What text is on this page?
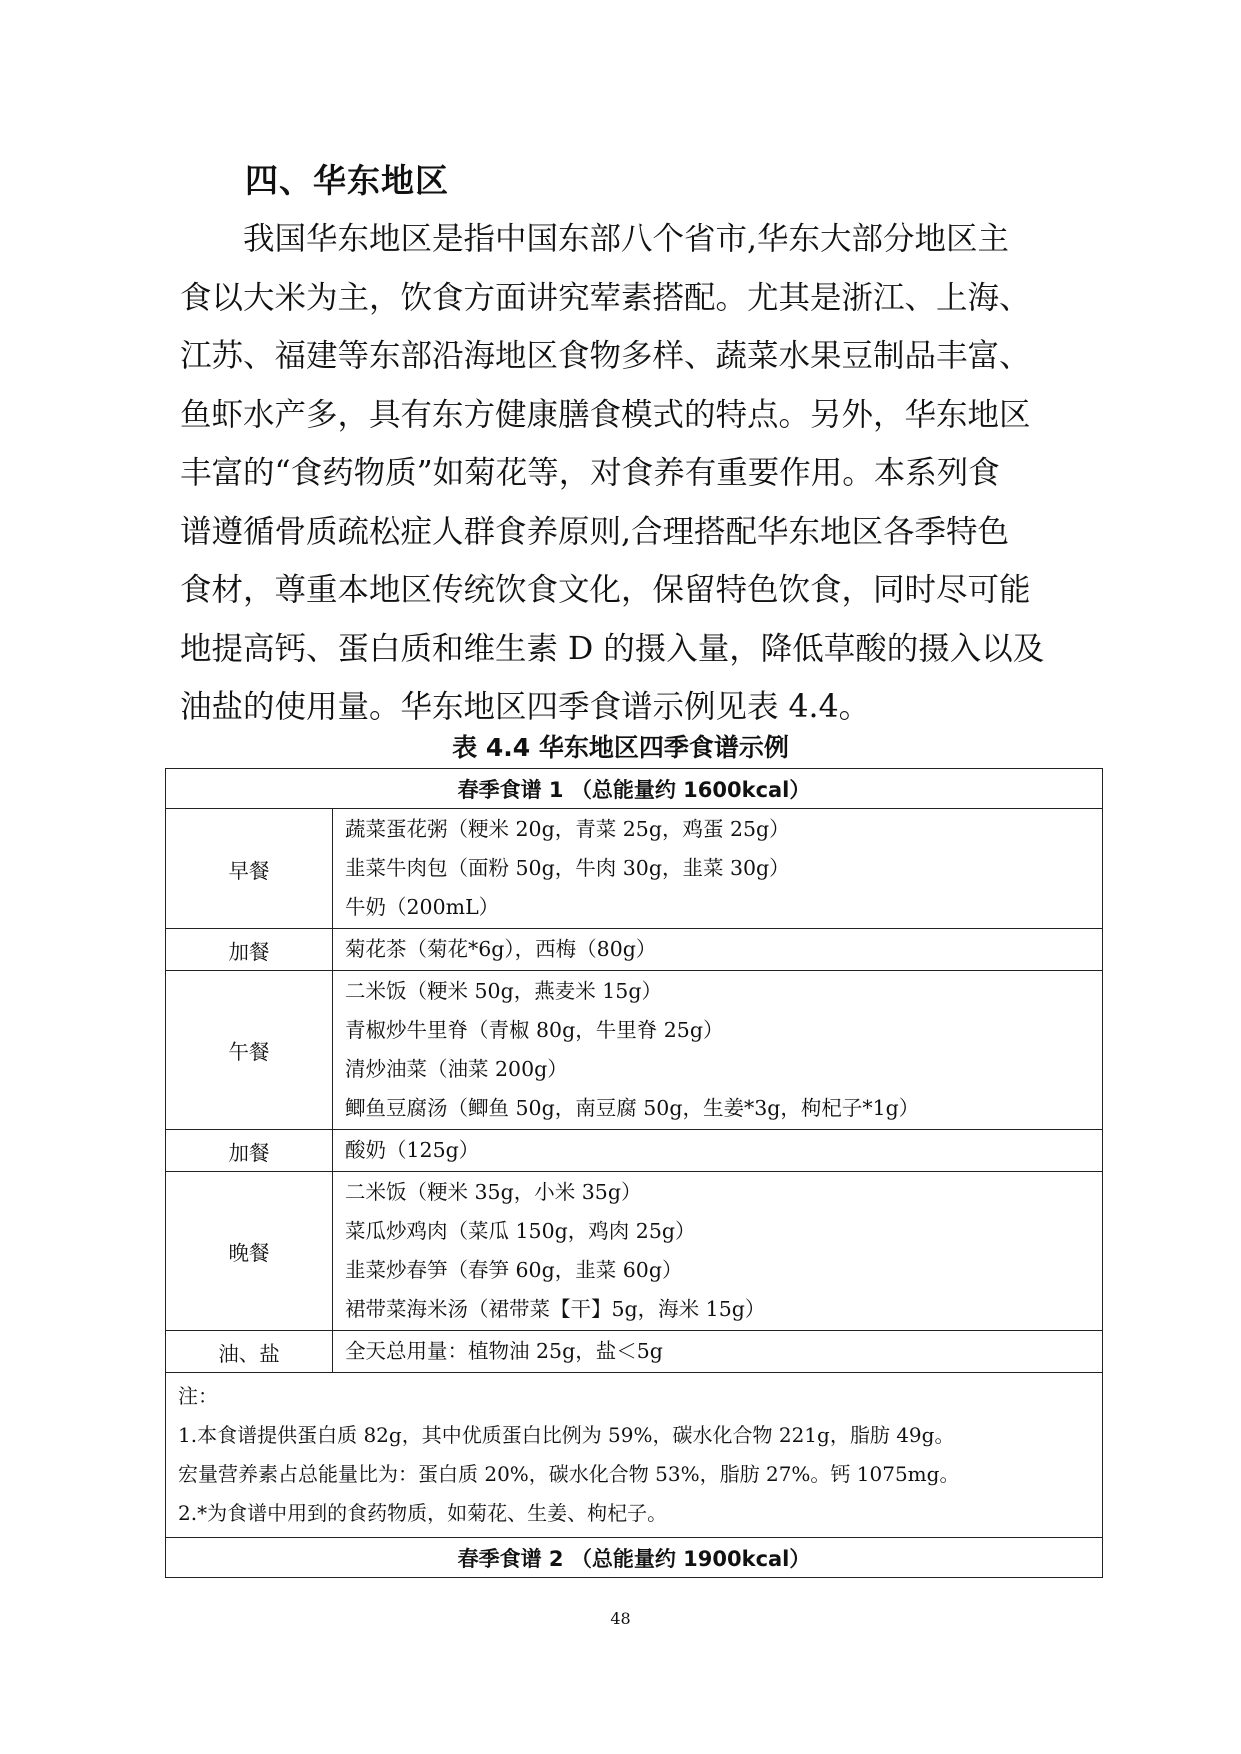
四、华东地区
我国华东地区是指中国东部八个省市,华东大部分地区主
食以大米为主，饮食方面讲究荤素搭配。尤其是浙江、上海、
江苏、福建等东部沿海地区食物多样、蔬菜水果豆制品丰富、
鱼虾水产多，具有东方健康膳食模式的特点。另外，华东地区
丰富的“食药物质”如菊花等，对食养有重要作用。本系列食
谱遵循骨质疏松症人群食养原则,合理搭配华东地区各季特色
食材，尊重本地区传统饮食文化，保留特色饮食，同时尽可能
地提高钙、蛋白质和维生素 D 的摄入量，降低草酸的摄入以及
油盐的使用量。华东地区四季食谱示例见表 4.4。
表 4.4 华东地区四季食谱示例
春季食谱 1 （总能量约 1600kcal）	
早餐	蔬菜蛋花粥（粳米 20g，青菜 25g，鸡蛋 25g）
韭菜牛肉包（面粉 50g，牛肉 30g，韭菜 30g）
牛奶（200mL）

加餐	菊花茶（菊花*6g），西梅（80g）

午餐	二米饭（粳米 50g，燕麦米 15g）
青椒炒牛里脊（青椒 80g，牛里脊 25g）
清炒油菜（油菜 200g）
鲫鱼豆腐汤（鲫鱼 50g，南豆腐 50g，生姜*3g，枸杞子*1g）

加餐	酸奶（125g）

晚餐	二米饭（粳米 35g，小米 35g）
菜瓜炒鸡肉（菜瓜 150g，鸡肉 25g）
韭菜炒春笋（春笋 60g，韭菜 60g）
裙带菜海米汤（裙带菜【干】5g，海米 15g）

油、盐	全天总用量：植物油 25g，盐＜5g

注：
1.本食谱提供蛋白质 82g，其中优质蛋白比例为 59%，碳水化合物 221g，脂肪 49g。
宏量营养素占总能量比为：蛋白质 20%，碳水化合物 53%，脂肪 27%。钙 1075mg。
2.*为食谱中用到的食药物质，如菊花、生姜、枸杞子。	

春季食谱 2 （总能量约 1900kcal）	
48
